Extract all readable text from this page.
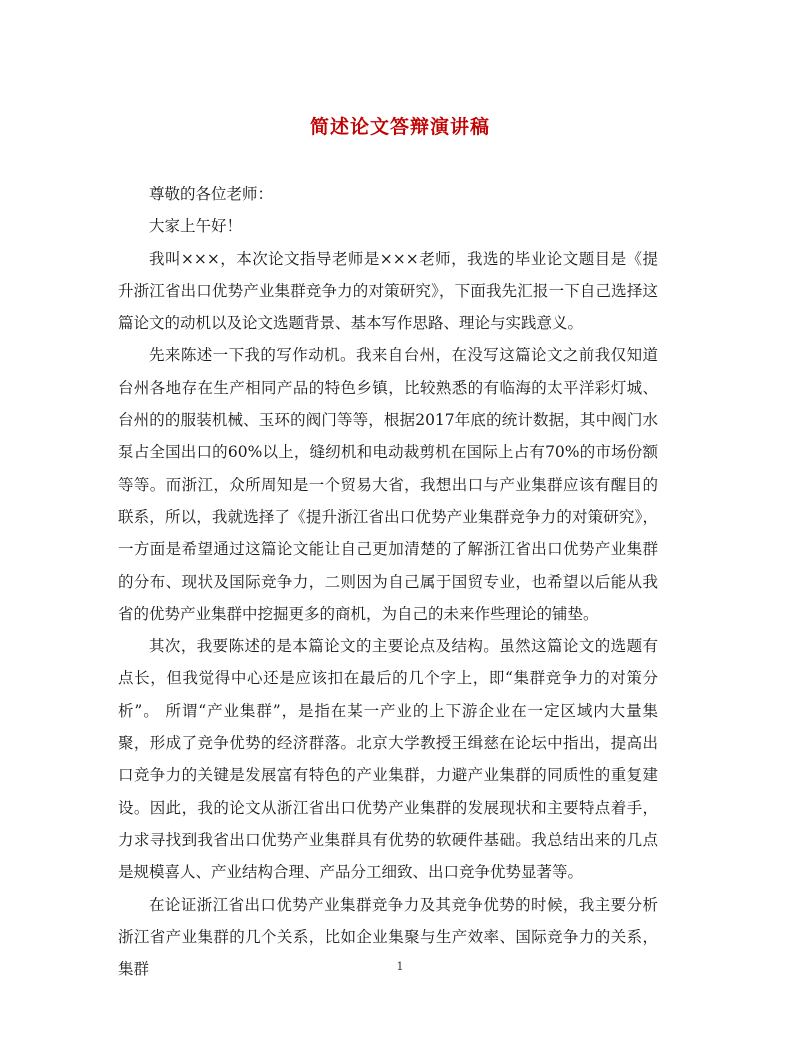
简述论文答辩演讲稿

尊敬的各位老师：

大家上午好！

我叫×××，本次论文指导老师是×××老师，我选的毕业论文题目是《提升浙江省出口优势产业集群竞争力的对策研究》，下面我先汇报一下自己选择这篇论文的动机以及论文选题背景、基本写作思路、理论与实践意义。

先来陈述一下我的写作动机。我来自台州，在没写这篇论文之前我仅知道台州各地存在生产相同产品的特色乡镇，比较熟悉的有临海的太平洋彩灯城、台州的的服装机械、玉环的阀门等等，根据2017年底的统计数据，其中阀门水泵占全国出口的60%以上，缝纫机和电动裁剪机在国际上占有70%的市场份额等等。而浙江，众所周知是一个贸易大省，我想出口与产业集群应该有醒目的联系，所以，我就选择了《提升浙江省出口优势产业集群竞争力的对策研究》，一方面是希望通过这篇论文能让自己更加清楚的了解浙江省出口优势产业集群的分布、现状及国际竞争力，二则因为自己属于国贸专业，也希望以后能从我省的优势产业集群中挖掘更多的商机，为自己的未来作些理论的铺垫。

其次，我要陈述的是本篇论文的主要论点及结构。虽然这篇论文的选题有点长，但我觉得中心还是应该扣在最后的几个字上，即“集群竞争力的对策分析”。 所谓“产业集群”，是指在某一产业的上下游企业在一定区域内大量集聚，形成了竞争优势的经济群落。北京大学教授王缉慈在论坛中指出，提高出口竞争力的关键是发展富有特色的产业集群，力避产业集群的同质性的重复建设。因此，我的论文从浙江省出口优势产业集群的发展现状和主要特点着手，力求寻找到我省出口优势产业集群具有优势的软硬件基础。我总结出来的几点是规模喜人、产业结构合理、产品分工细致、出口竞争优势显著等。

在论证浙江省出口优势产业集群竞争力及其竞争优势的时候，我主要分析浙江省产业集群的几个关系，比如企业集聚与生产效率、国际竞争力的关系，集群	1
